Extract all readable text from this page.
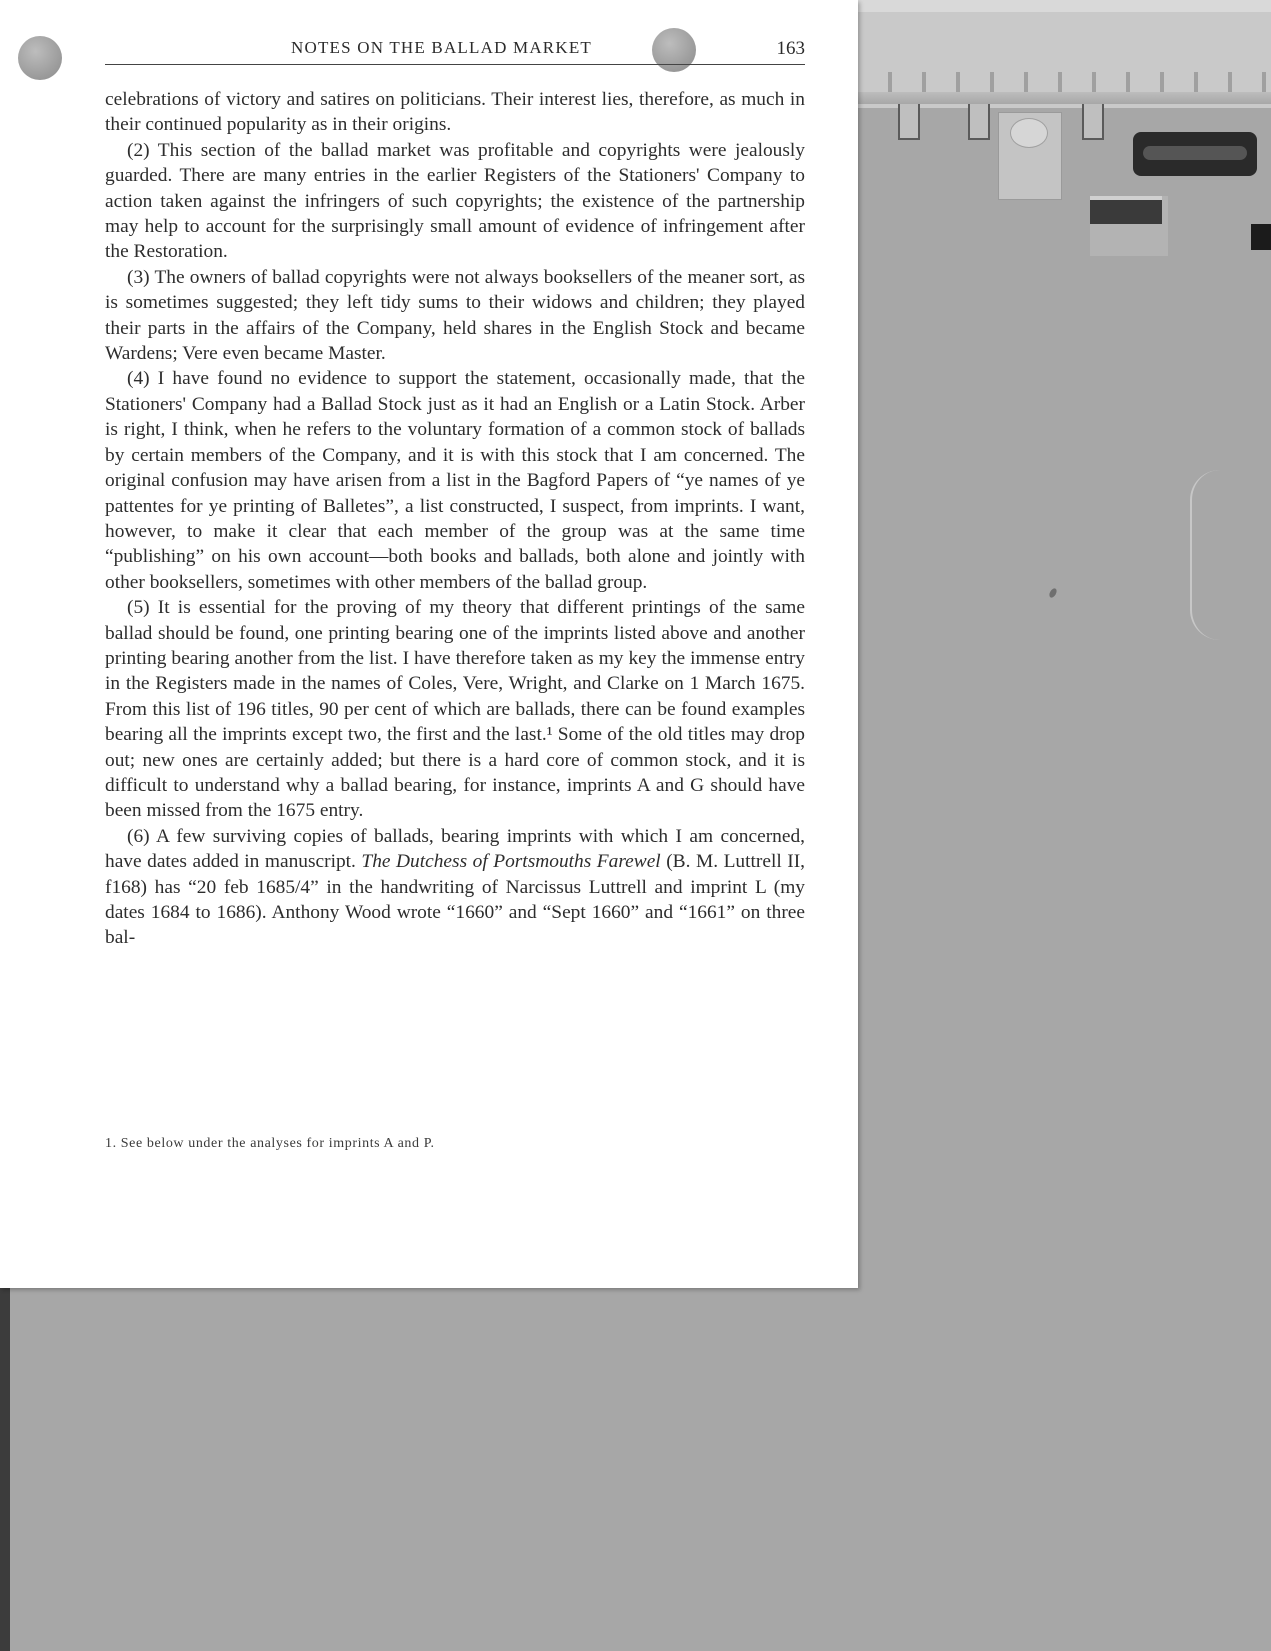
NOTES ON THE BALLAD MARKET	163

celebrations of victory and satires on politicians. Their interest lies, therefore, as much in their continued popularity as in their origins.

(2) This section of the ballad market was profitable and copyrights were jealously guarded. There are many entries in the earlier Registers of the Stationers' Company to action taken against the infringers of such copyrights; the existence of the partnership may help to account for the surprisingly small amount of evidence of infringement after the Restoration.

(3) The owners of ballad copyrights were not always booksellers of the meaner sort, as is sometimes suggested; they left tidy sums to their widows and children; they played their parts in the affairs of the Company, held shares in the English Stock and became Wardens; Vere even became Master.

(4) I have found no evidence to support the statement, occasionally made, that the Stationers' Company had a Ballad Stock just as it had an English or a Latin Stock. Arber is right, I think, when he refers to the voluntary formation of a common stock of ballads by certain members of the Company, and it is with this stock that I am concerned. The original confusion may have arisen from a list in the Bagford Papers of “ye names of ye pattentes for ye printing of Balletes”, a list constructed, I suspect, from imprints. I want, however, to make it clear that each member of the group was at the same time “publishing” on his own account—both books and ballads, both alone and jointly with other booksellers, sometimes with other members of the ballad group.

(5) It is essential for the proving of my theory that different printings of the same ballad should be found, one printing bearing one of the imprints listed above and another printing bearing another from the list. I have therefore taken as my key the immense entry in the Registers made in the names of Coles, Vere, Wright, and Clarke on 1 March 1675. From this list of 196 titles, 90 per cent of which are ballads, there can be found examples bearing all the imprints except two, the first and the last.¹ Some of the old titles may drop out; new ones are certainly added; but there is a hard core of common stock, and it is difficult to understand why a ballad bearing, for instance, imprints A and G should have been missed from the 1675 entry.

(6) A few surviving copies of ballads, bearing imprints with which I am concerned, have dates added in manuscript. The Dutchess of Portsmouths Farewel (B. M. Luttrell II, f168) has “20 feb 1685/4” in the handwriting of Narcissus Luttrell and imprint L (my dates 1684 to 1686). Anthony Wood wrote “1660” and “Sept 1660” and “1661” on three bal-

1. See below under the analyses for imprints A and P.
